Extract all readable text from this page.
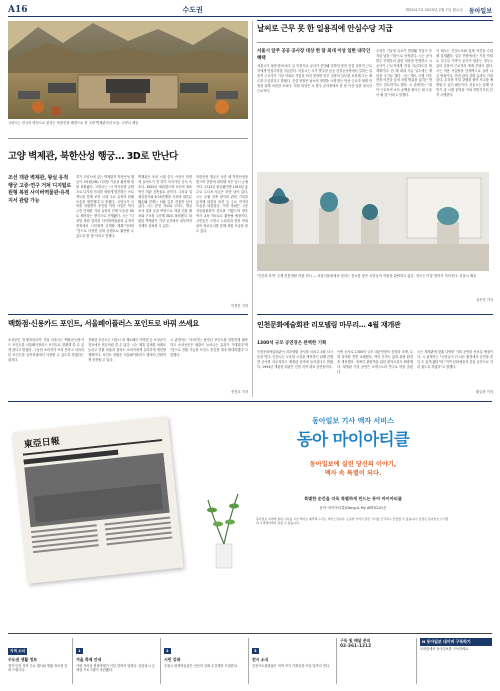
A16	수도권	제31017호 2025년 2월 7일 월요일 동아일보
고양시는 전국의 명산으로 불리는 북한산을 배경으로 한 고양 벽제관지의 모습. 고양시 제공
고양 벽제관, 북한산성 행궁… 3D로 만난다
조선 객관 벽제관, 왕실 유적 행궁 고증·연구 거쳐 디지털로 원형 복원 사이버역물관·유적지서 관람 가능
경기 고양시에 있는 벽제관과 북한산성 행궁이 3차원(3D) 디지털 기술을 활용해 원형 복원됐다. 고양시는 "시 역사문화 콘텐츠로 디지털 가치를 새롭게 발견하는 프로젝트를 통해 조선 시대 주요 유적의 원래 모습을 재현했다"고 밝혔다. 고양시가 국비를 지원받아 추진한 이번 사업은 역사 고증 단계를 거쳐 유적의 전체 모습을 3D로 제작하는 방식으로 진행됐다. 시는 "디지털 복원 결과를 사이버박물관과 유적지 현장에서 시민에게 공개할 계획"이라며 "앞으로 다양한 문화 콘텐츠로 활용할 수 있도록 할 것"이라고 말했다.
벽제관은 조선 시대 중국 사신이 한양에 들어오기 전 하루 묵어가던 공식 숙소다. 1625년 세워졌으며 조선의 대표적인 객관 건축물로 꼽힌다. 그러나 일제강점기와 6·25전쟁을 거치며 대부분 훼손돼 현재는 터와 일부 건물만 남아 있다. 시는 문헌 자료와 고지도, 발굴 조사 결과 등을 바탕으로 객관 건물 배치와 구조를 고증해 3D로 복원했다. 복원된 벽제관은 가상 공간에서 내부까지 자세히 살펴볼 수 있다.
북한산성 행궁은 숙종 때 북한산성을 쌓으며 전란에 대비해 지은 임시 궁궐이다. 1712년 완공됐지만 1915년 홍수로 무너져 지금은 터만 남아 있다. 시는 궁궐 건축 양식과 관련 기록을 분석해 내전과 외전 등 주요 전각의 모습을 되살렸다. 이번 복원은 고증 자문위원회의 검토를 거쳤으며 향후 역사 교육 자료로도 활용될 예정이다. 시민들은 고양시 누리집과 현장 안내판의 정보무늬를 통해 복원 모습을 볼 수 있다.
이경진 기자
날씨로 근무 못 한 일용직에 안심수당 지급
서울시 앞주 공공 공사장 대상 한 달 최대 이상 일한 내국인 혜택
서울시가 폭염·한파·폭우 등 악천후로 공사가 중단돼 일하지 못한 건설 일용직 근로자에게 안심수당을 지급한다. 서울시는 시가 발주한 공공 건설공사장에서 일하는 일용직 근로자가 기상 악화로 작업을 하지 못하면 하루 일당의 일부를 보전해 주는 제도를 도입한다고 밝혔다. 건설 현장은 날씨의 영향을 크게 받는 만큼 근로자 생계 안정을 위해 마련한 조치다. 지원 대상은 시 발주 공사장에서 한 달 이상 일한 내국인 근로자다.
수당은 기상청 특보가 발령돼 작업이 중지된 날을 기준으로 산정된다. 시는 공사 발주 단계부터 관련 비용을 반영하고 시공사가 근로자에게 직접 지급하도록 할 계획이다. 한 해 최대 지급 일수에는 제한을 두기로 했다. 시는 제도 시행 이후 현장 의견을 들어 지원 범위를 넓히는 방안도 검토하기로 했다. 시 관계자는 "취약 근로자의 소득 공백을 줄이는 데 도움이 될 것"이라고 말했다.
이 제도는 건설노조와 업계 의견을 수렴해 설계됐다. 일부 현장에서는 기상 악화로 일주일 가까이 공사가 멈추는 경우도 있어 일용직 근로자의 생계 부담이 컸다. 시는 적용 사업장을 단계적으로 늘려 나갈 방침이다. 안전 관리 강화 효과도 기대된다. 무리한 작업 강행을 줄여 사고를 예방할 수 있기 때문이다. 서울시는 올해 상반기 중 시범 운영을 거쳐 하반기부터 본격 시행한다.
'인간과 자연' 주제 전통정원 작품 전시 — 서울식물원에서 열리는 전시를 찾은 시민들이 작품을 관람하고 있다. 전시는 이달 말까지 이어진다. 서울시 제공
강은지 기자
백화점·신용카드 포인트, 서울페이플러스 포인트로 바꿔 쓰세요
소상공인 '동행마일리지' 사업 서울시는 백화점·신용카드 포인트를 서울페이플러스 포인트로 전환해 쓸 수 있게 한다고 밝혔다. 그동안 소비자가 쓰지 못하고 사라지던 포인트를 골목상권에서 사용할 수 있도록 하겠다는 취지다.
전환한 포인트는 서울시 내 제로페이 가맹점 등 소상공인 점포에서 현금처럼 쓸 수 있다. 시는 제휴 업체를 차례로 늘리고 전환 비율과 절차도 소비자에게 유리하게 개선할 계획이다. 포인트 전환은 서울페이플러스 앱에서 간편하게 신청할 수 있다.
시 관계자는 "소비자는 잠자던 포인트를 알뜰하게 활용하고 소상공인은 매출이 늘어나는 효과가 기대된다"며 "앞으로 전환 가능한 포인트 종류를 계속 확대하겠다"고 말했다.
송진호 기자
인천문화예술회관 리모델링 마무리… 4월 재개관
1300석 규모 공연장은 완벽한 기획
인천문화예술회관이 리모델링 공사를 마치고 4월 다시 문을 연다. 인천시는 노후한 시설을 개선하기 위해 진행한 공사를 마무리하고 재개관 준비에 들어갔다고 밝혔다. 1994년 개관한 회관은 인천 지역 대표 공연장이다.
이번 공사로 1300석 규모 대공연장의 음향과 조명, 무대 설비를 전면 교체했다. 객석 간격도 넓혀 관람 환경을 개선했다. 장애인 관람객을 위한 편의시설도 확충했다. 재개관 기념 공연은 오케스트라 연주로 막을 올린다.
시는 재개관에 맞춰 다양한 기획 공연을 선보일 예정이다. 시 관계자는 "시민들이 더 나은 환경에서 공연을 즐길 수 있게 됐다"며 "지역 문화예술의 중심 공간으로 자리 잡도록 하겠다"고 말했다.
황금천 기자
東亞日報
동아일보 기사 액자 서비스
동아 마이아티클
동아일보에 실린 당신의 이야기,
액자 속 특별이 되다.
특별한 순간을 더욱 특별하게 만드는 동아 마이아티클
동아 마이아티클(Dong-A My ARTICLE)은
동아일보 지면에 실린 기사를 고급 액자로 제작해 드리는 서비스입니다. 소중한 기억이 담긴 기사를 간직하고 선물할 수 있습니다. 신청은 동아일보 누리집과 고객센터에서 하실 수 있습니다.
지역 소식
수도권 생활 정보
경기·인천 지역 주요 행사와 생활 정보를 알려 드립니다.
1
겨울 축제 안내
가평 자라섬 씽씽축제가 이달 말까지 열린다. 얼음낚시 등 체험 프로그램이 마련됐다.
2
시민 강좌
수원시 평생학습관은 인문학 강좌 수강생을 모집한다.
3
전시 소식
인천아트플랫폼은 지역 작가 기획전을 이달 말까지 연다.
구독 및 배달 문의
02-361-1212
N 동아일보 네이버 구독하기
모바일에서 동아일보를 구독하세요.
